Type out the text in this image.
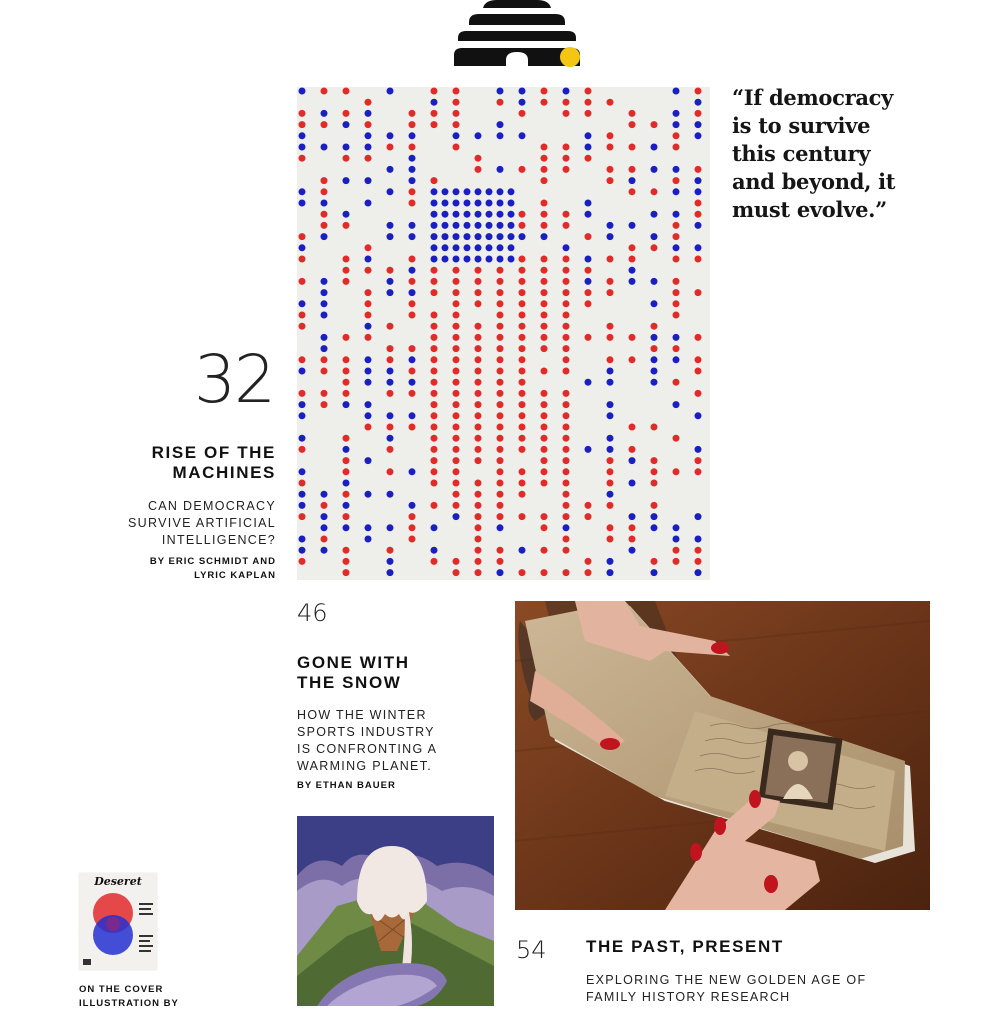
“If democracy
is to survive
this century
and beyond, it
must evolve.”
32
RISE OF THE
MACHINES
CAN DEMOCRACY
SURVIVE ARTIFICIAL
INTELLIGENCE?
BY ERIC SCHMIDT AND
LYRIC KAPLAN
46
GONE WITH
THE SNOW
HOW THE WINTER
SPORTS INDUSTRY
IS CONFRONTING A
WARMING PLANET.
BY ETHAN BAUER
54 THE PAST, PRESENT
EXPLORING THE NEW GOLDEN AGE OF
FAMILY HISTORY RESEARCH
Deseret
ON THE COVER
ILLUSTRATION BY
